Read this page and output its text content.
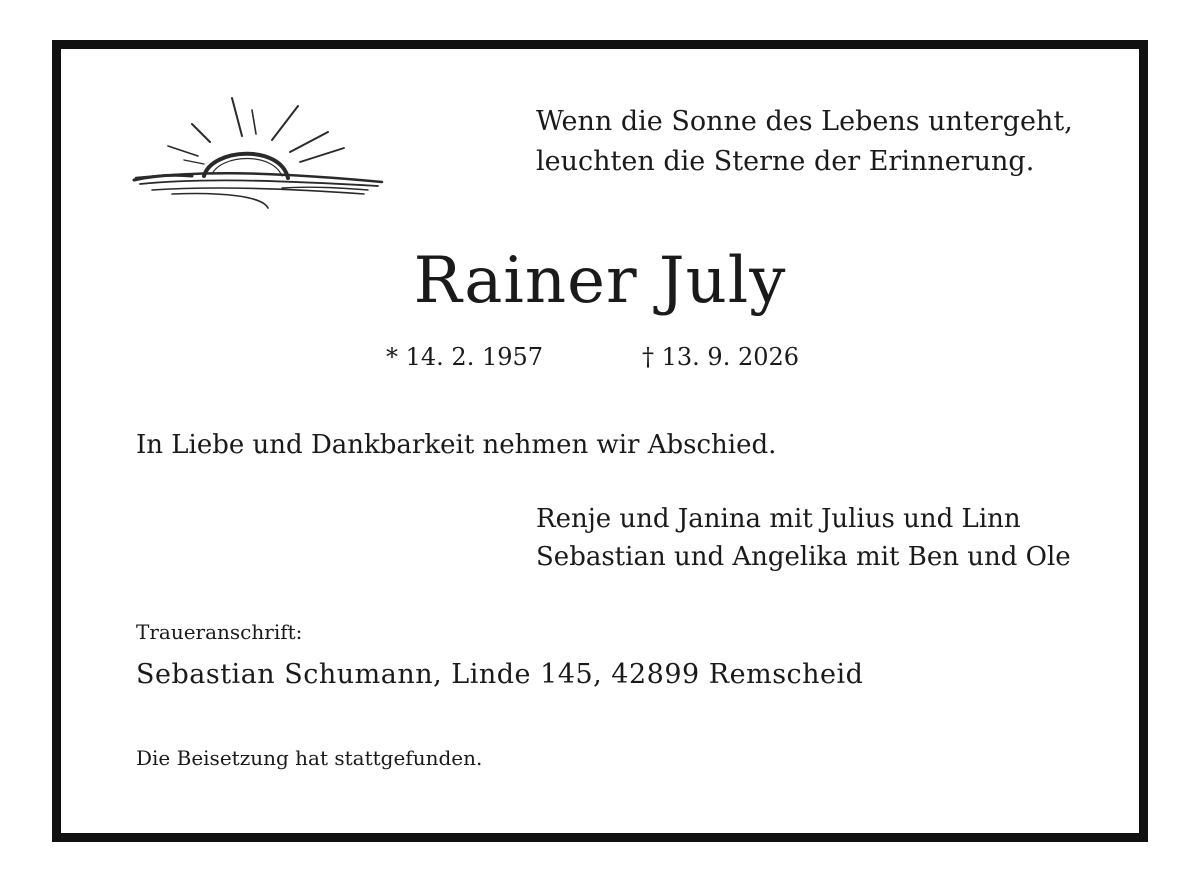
Wenn die Sonne des Lebens untergeht,
leuchten die Sterne der Erinnerung.
Rainer July
* 14. 2. 1957	† 13. 9. 2026
In Liebe und Dankbarkeit nehmen wir Abschied.
Renje und Janina mit Julius und Linn
Sebastian und Angelika mit Ben und Ole
Traueranschrift:
Sebastian Schumann, Linde 145, 42899 Remscheid
Die Beisetzung hat stattgefunden.
